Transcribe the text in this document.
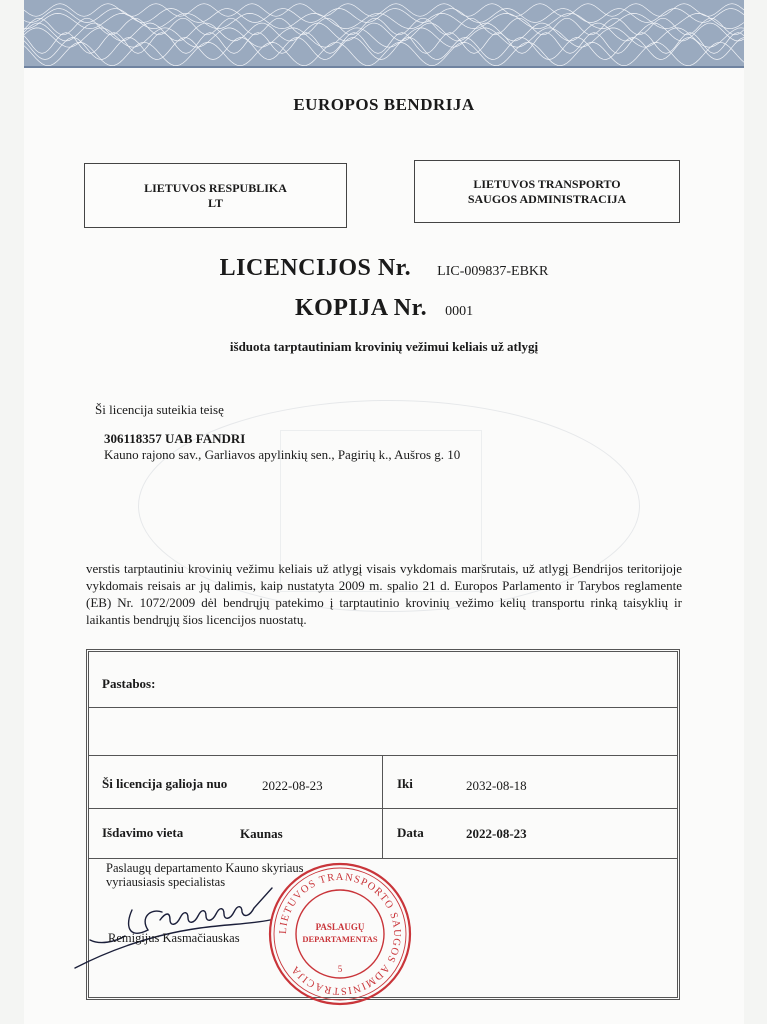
EUROPOS BENDRIJA
LIETUVOS RESPUBLIKA
LT
LIETUVOS TRANSPORTO
SAUGOS ADMINISTRACIJA
LICENCIJOS Nr. LIC-009837-EBKR
KOPIJA Nr. 0001
išduota tarptautiniam krovinių vežimui keliais už atlygį
Ši licencija suteikia teisę
306118357 UAB FANDRI
Kauno rajono sav., Garliavos apylinkių sen., Pagirių k., Aušros g. 10
verstis tarptautiniu krovinių vežimu keliais už atlygį visais vykdomais maršrutais, už atlygį Bendrijos teritorijoje vykdomais reisais ar jų dalimis, kaip nustatyta 2009 m. spalio 21 d. Europos Parlamento ir Tarybos reglamente (EB) Nr. 1072/2009 dėl bendrųjų patekimo į tarptautinio krovinių vežimo kelių transportu rinką taisyklių ir laikantis bendrųjų šios licencijos nuostatų.
Pastabos:
Ši licencija galioja nuo	2022-08-23	Iki	2032-08-18
Išdavimo vieta	Kaunas	Data	2022-08-23
Paslaugų departamento Kauno skyriaus
vyriausiasis specialistas
Remigijus Kasmačiauskas
LIETUVOS TRANSPORTO SAUGOS ADMINISTRACIJA
PASLAUGŲ
DEPARTAMENTAS
5
